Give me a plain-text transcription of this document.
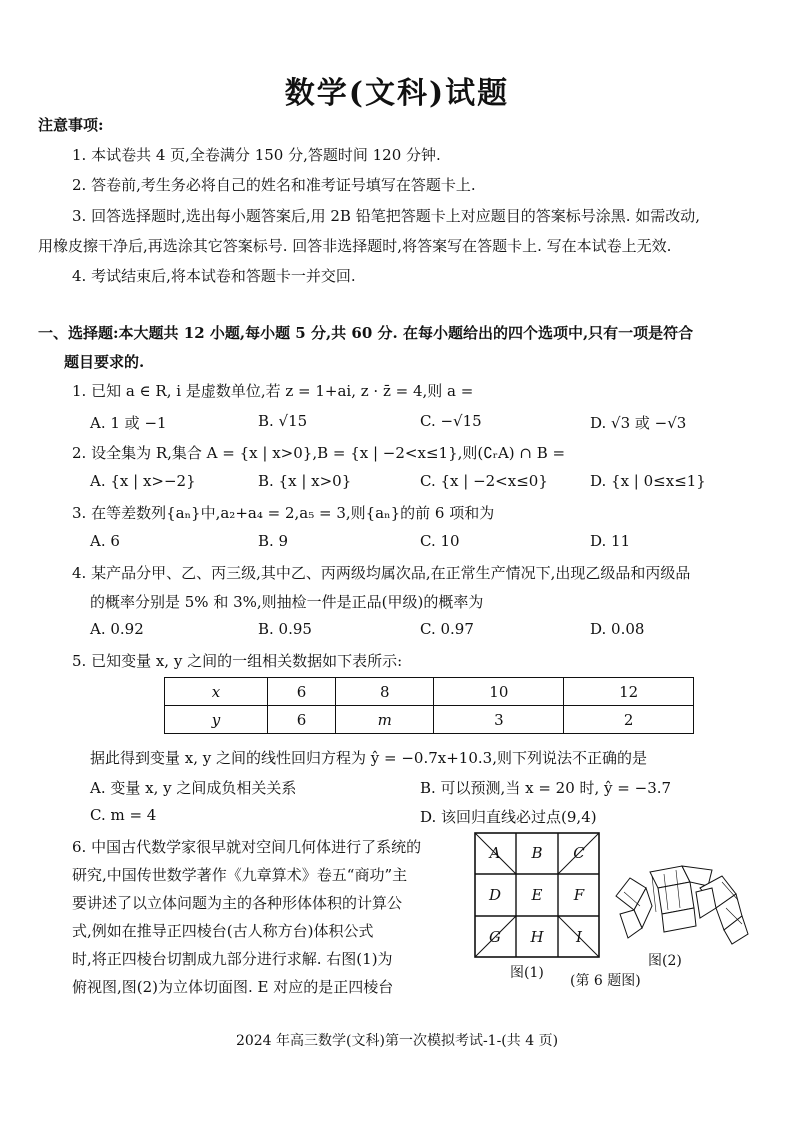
数学(文科)试题
注意事项:
1. 本试卷共 4 页,全卷满分 150 分,答题时间 120 分钟.
2. 答卷前,考生务必将自己的姓名和准考证号填写在答题卡上.
3. 回答选择题时,选出每小题答案后,用 2B 铅笔把答题卡上对应题目的答案标号涂黑. 如需改动,
用橡皮擦干净后,再选涂其它答案标号. 回答非选择题时,将答案写在答题卡上. 写在本试卷上无效.
4. 考试结束后,将本试卷和答题卡一并交回.
一、选择题:本大题共 12 小题,每小题 5 分,共 60 分. 在每小题给出的四个选项中,只有一项是符合
题目要求的.
1. 已知 a ∈ R, i 是虚数单位,若 z = 1+ai, z · z̄ = 4,则 a =
A. 1 或 −1	B. √15	C. −√15	D. √3 或 −√3
2. 设全集为 R,集合 A = {x | x>0},B = {x | −2<x≤1},则(∁ᵣA) ∩ B =
A. {x | x>−2}	B. {x | x>0}	C. {x | −2<x≤0}	D. {x | 0≤x≤1}
3. 在等差数列{aₙ}中,a₂+a₄ = 2,a₅ = 3,则{aₙ}的前 6 项和为
A. 6	B. 9	C. 10	D. 11
4. 某产品分甲、乙、丙三级,其中乙、丙两级均属次品,在正常生产情况下,出现乙级品和丙级品
的概率分别是 5% 和 3%,则抽检一件是正品(甲级)的概率为
A. 0.92	B. 0.95	C. 0.97	D. 0.08
5. 已知变量 x, y 之间的一组相关数据如下表所示:
x	6	8	10	12
y	6	m	3	2
据此得到变量 x, y 之间的线性回归方程为 ŷ = −0.7x+10.3,则下列说法不正确的是
A. 变量 x, y 之间成负相关关系	B. 可以预测,当 x = 20 时, ŷ = −3.7
C. m = 4	D. 该回归直线必过点(9,4)
6. 中国古代数学家很早就对空间几何体进行了系统的
研究,中国传世数学著作《九章算术》卷五“商功”主
要讲述了以立体问题为主的各种形体体积的计算公
式,例如在推导正四棱台(古人称方台)体积公式
时,将正四棱台切割成九部分进行求解. 右图(1)为
俯视图,图(2)为立体切面图. E 对应的是正四棱台
A	B	C
D	E	F
G	H	I
图(1)
图(2)
(第 6 题图)
2024 年高三数学(文科)第一次模拟考试-1-(共 4 页)
